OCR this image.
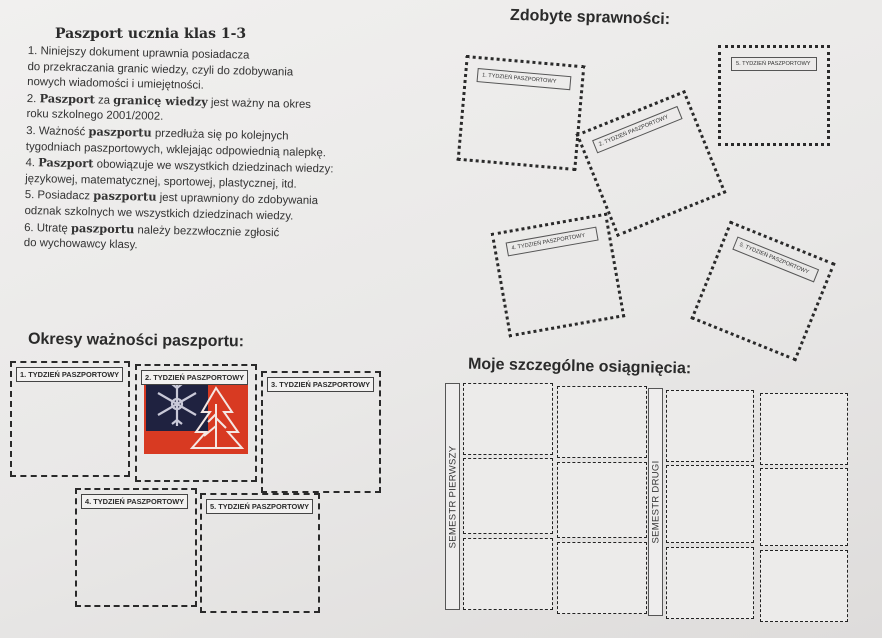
Paszport ucznia klas 1-3

1. Niniejszy dokument uprawnia posiadacza

do przekraczania granic wiedzy, czyli do zdobywania

nowych wiadomości i umiejętności.

2. Paszport za granicę wiedzy jest ważny na okres

roku szkolnego 2001/2002.

3. Ważność paszportu przedłuża się po kolejnych

tygodniach paszportowych, wklejając odpowiednią nalepkę.

4. Paszport obowiązuje we wszystkich dziedzinach wiedzy:

językowej, matematycznej, sportowej, plastycznej, itd.

5. Posiadacz paszportu jest uprawniony do zdobywania

odznak szkolnych we wszystkich dziedzinach wiedzy.

6. Utratę paszportu należy bezzwłocznie zgłosić

do wychowawcy klasy.

Zdobyte sprawności:
1. TYDZIEŃ PASZPORTOWY
5. TYDZIEŃ PASZPORTOWY
2. TYDZIEŃ PASZPORTOWY
4. TYDZIEŃ PASZPORTOWY	5. TYDZIEŃ PASZPORTOWY
Okresy ważności paszportu:
1. TYDZIEŃ PASZPORTOWY	2. TYDZIEŃ PASZPORTOWY
3. TYDZIEŃ PASZPORTOWY
4. TYDZIEŃ PASZPORTOWY
5. TYDZIEŃ PASZPORTOWY
Moje szczególne osiągnięcia:
SEMESTR PIERWSZY	SEMESTR DRUGI
